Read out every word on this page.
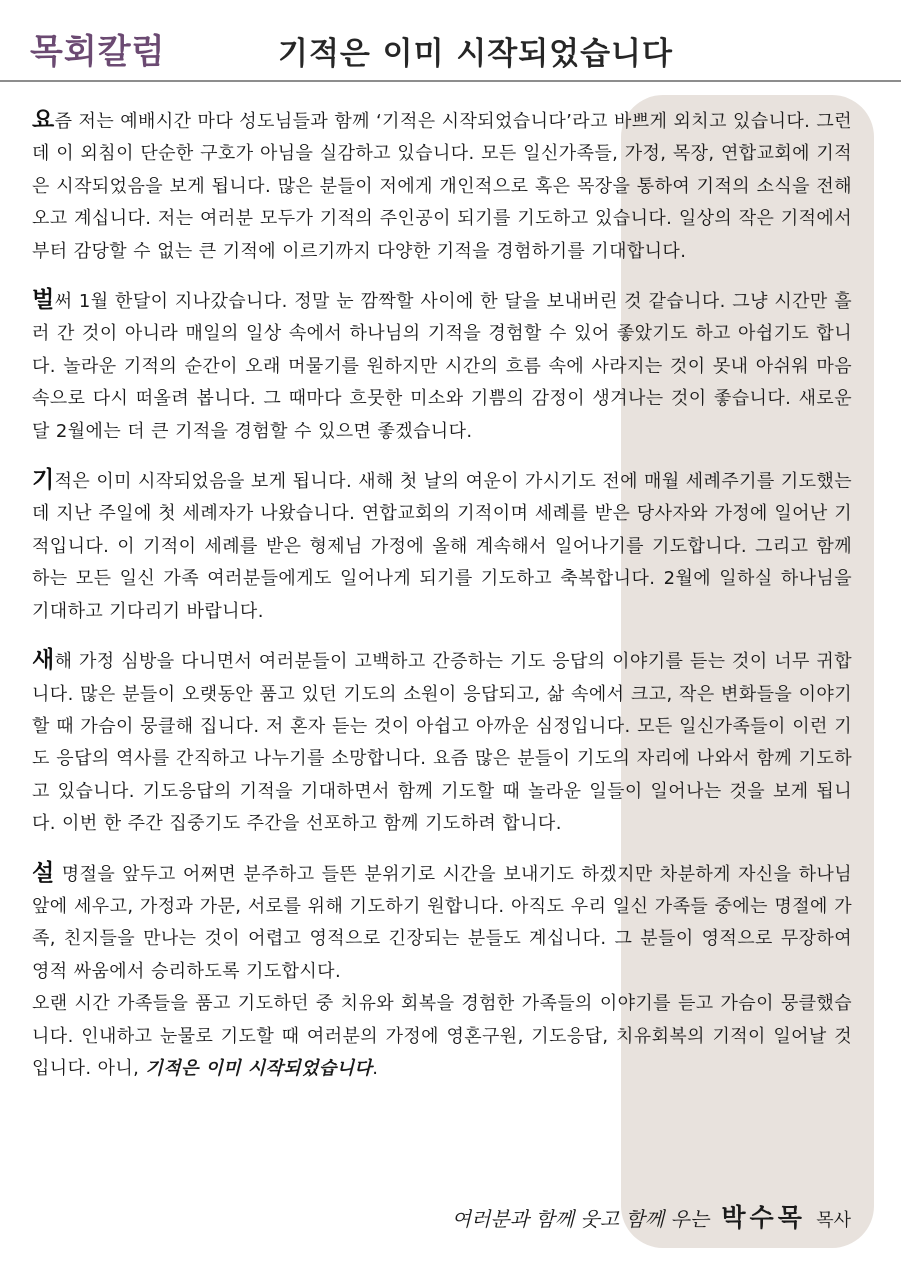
목회칼럼	기적은 이미 시작되었습니다

요즘 저는 예배시간 마다 성도님들과 함께 ‘기적은 시작되었습니다’라고 바쁘게 외치고 있습니다. 그런데 이 외침이 단순한 구호가 아님을 실감하고 있습니다. 모든 일신가족들, 가정, 목장, 연합교회에 기적은 시작되었음을 보게 됩니다. 많은 분들이 저에게 개인적으로 혹은 목장을 통하여 기적의 소식을 전해 오고 계십니다. 저는 여러분 모두가 기적의 주인공이 되기를 기도하고 있습니다. 일상의 작은 기적에서부터 감당할 수 없는 큰 기적에 이르기까지 다양한 기적을 경험하기를 기대합니다.

벌써 1월 한달이 지나갔습니다. 정말 눈 깜짝할 사이에 한 달을 보내버린 것 같습니다. 그냥 시간만 흘러 간 것이 아니라 매일의 일상 속에서 하나님의 기적을 경험할 수 있어 좋았기도 하고 아쉽기도 합니다. 놀라운 기적의 순간이 오래 머물기를 원하지만 시간의 흐름 속에 사라지는 것이 못내 아쉬워 마음 속으로 다시 떠올려 봅니다. 그 때마다 흐뭇한 미소와 기쁨의 감정이 생겨나는 것이 좋습니다. 새로운 달 2월에는 더 큰 기적을 경험할 수 있으면 좋겠습니다.

기적은 이미 시작되었음을 보게 됩니다. 새해 첫 날의 여운이 가시기도 전에 매월 세례주기를 기도했는데 지난 주일에 첫 세례자가 나왔습니다. 연합교회의 기적이며 세례를 받은 당사자와 가정에 일어난 기적입니다. 이 기적이 세례를 받은 형제님 가정에 올해 계속해서 일어나기를 기도합니다. 그리고 함께 하는 모든 일신 가족 여러분들에게도 일어나게 되기를 기도하고 축복합니다. 2월에 일하실 하나님을 기대하고 기다리기 바랍니다.

새해 가정 심방을 다니면서 여러분들이 고백하고 간증하는 기도 응답의 이야기를 듣는 것이 너무 귀합니다. 많은 분들이 오랫동안 품고 있던 기도의 소원이 응답되고, 삶 속에서 크고, 작은 변화들을 이야기할 때 가슴이 뭉클해 집니다. 저 혼자 듣는 것이 아쉽고 아까운 심정입니다. 모든 일신가족들이 이런 기도 응답의 역사를 간직하고 나누기를 소망합니다. 요즘 많은 분들이 기도의 자리에 나와서 함께 기도하고 있습니다. 기도응답의 기적을 기대하면서 함께 기도할 때 놀라운 일들이 일어나는 것을 보게 됩니다. 이번 한 주간 집중기도 주간을 선포하고 함께 기도하려 합니다.

설 명절을 앞두고 어쩌면 분주하고 들뜬 분위기로 시간을 보내기도 하겠지만 차분하게 자신을 하나님 앞에 세우고, 가정과 가문, 서로를 위해 기도하기 원합니다. 아직도 우리 일신 가족들 중에는 명절에 가족, 친지들을 만나는 것이 어렵고 영적으로 긴장되는 분들도 계십니다. 그 분들이 영적으로 무장하여 영적 싸움에서 승리하도록 기도합시다.

오랜 시간 가족들을 품고 기도하던 중 치유와 회복을 경험한 가족들의 이야기를 듣고 가슴이 뭉클했습니다. 인내하고 눈물로 기도할 때 여러분의 가정에 영혼구원, 기도응답, 치유회복의 기적이 일어날 것입니다. 아니, 기적은 이미 시작되었습니다.

여러분과 함께 웃고 함께 우는 박수목 목사
